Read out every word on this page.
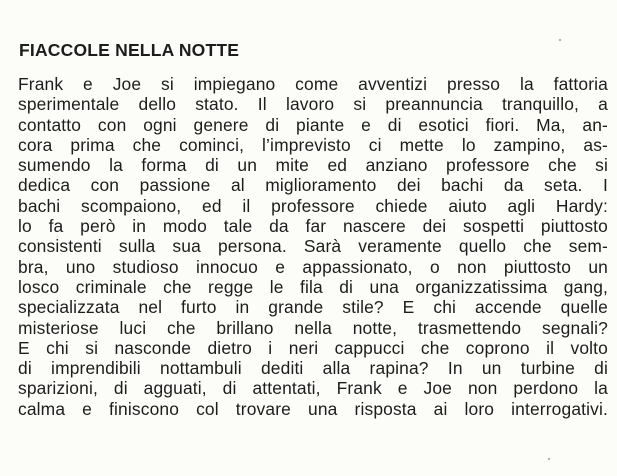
FIACCOLE NELLA NOTTE
Frank e Joe si impiegano come avventizi presso la fattoria
sperimentale dello stato. Il lavoro si preannuncia tranquillo, a
contatto con ogni genere di piante e di esotici fiori. Ma, an-
cora prima che cominci, l’imprevisto ci mette lo zampino, as-
sumendo la forma di un mite ed anziano professore che si
dedica con passione al miglioramento dei bachi da seta. I
bachi scompaiono, ed il professore chiede aiuto agli Hardy:
lo fa però in modo tale da far nascere dei sospetti piuttosto
consistenti sulla sua persona. Sarà veramente quello che sem-
bra, uno studioso innocuo e appassionato, o non piuttosto un
losco criminale che regge le fila di una organizzatissima gang,
specializzata nel furto in grande stile? E chi accende quelle
misteriose luci che brillano nella notte, trasmettendo segnali?
E chi si nasconde dietro i neri cappucci che coprono il volto
di imprendibili nottambuli dediti alla rapina? In un turbine di
sparizioni, di agguati, di attentati, Frank e Joe non perdono la
calma e finiscono col trovare una risposta ai loro interrogativi.
